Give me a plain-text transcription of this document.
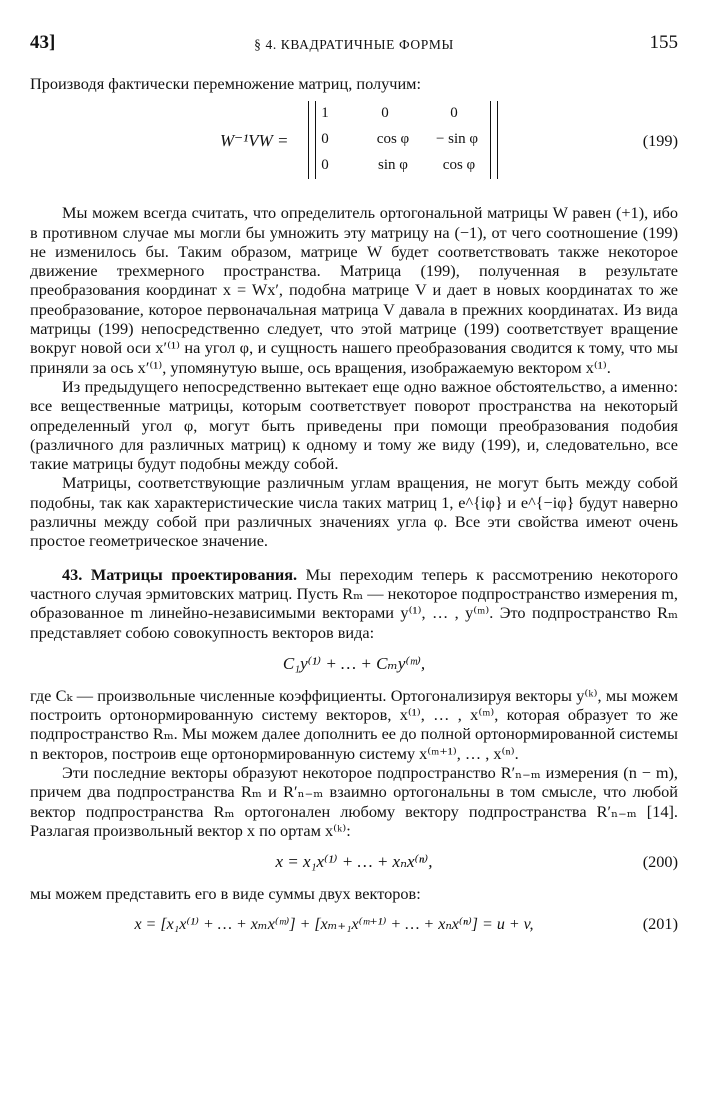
43]	§ 4. КВАДРАТИЧНЫЕ ФОРМЫ	155

Производя фактически перемножение матриц, получим:

W⁻¹VW =
1	0	0
0	cos φ	− sin φ
0	sin φ	cos φ
(199)

Мы можем всегда считать, что определитель ортогональной матрицы W равен (+1), ибо в противном случае мы могли бы умножить эту матрицу на (−1), от чего соотношение (199) не изменилось бы. Таким образом, матрице W будет соответствовать также некоторое движение трехмерного пространства. Матрица (199), полученная в результате преобразования координат x = Wx′, подобна матрице V и дает в новых координатах то же преобразование, которое первоначальная матрица V давала в прежних координатах. Из вида матрицы (199) непосредственно следует, что этой матрице (199) соответствует вращение вокруг новой оси x′⁽¹⁾ на угол φ, и сущность нашего преобразования сводится к тому, что мы приняли за ось x′⁽¹⁾, упомянутую выше, ось вращения, изображаемую вектором x⁽¹⁾.

Из предыдущего непосредственно вытекает еще одно важное обстоятельство, а именно: все вещественные матрицы, которым соответствует поворот пространства на некоторый определенный угол φ, могут быть приведены при помощи преобразования подобия (различного для различных матриц) к одному и тому же виду (199), и, следовательно, все такие матрицы будут подобны между собой.

Матрицы, соответствующие различным углам вращения, не могут быть между собой подобны, так как характеристические числа таких матриц 1, e^{iφ} и e^{−iφ} будут наверно различны между собой при различных значениях угла φ. Все эти свойства имеют очень простое геометрическое значение.

43. Матрицы проектирования. Мы переходим теперь к рассмотрению некоторого частного случая эрмитовских матриц. Пусть Rₘ — некоторое подпространство измерения m, образованное m линейно-независимыми векторами y⁽¹⁾, … , y⁽ᵐ⁾. Это подпространство Rₘ представляет собою совокупность векторов вида:

C₁y⁽¹⁾ + … + Cₘy⁽ᵐ⁾,

где Cₖ — произвольные численные коэффициенты. Ортогонализируя векторы y⁽ᵏ⁾, мы можем построить ортонормированную систему векторов, x⁽¹⁾, … , x⁽ᵐ⁾, которая образует то же подпространство Rₘ. Мы можем далее дополнить ее до полной ортонормированной системы n векторов, построив еще ортонормированную систему x⁽ᵐ⁺¹⁾, … , x⁽ⁿ⁾.

Эти последние векторы образуют некоторое подпространство R′ₙ₋ₘ измерения (n − m), причем два подпространства Rₘ и R′ₙ₋ₘ взаимно ортогональны в том смысле, что любой вектор подпространства Rₘ ортогонален любому вектору подпространства R′ₙ₋ₘ [14]. Разлагая произвольный вектор x по ортам x⁽ᵏ⁾:

x = x₁x⁽¹⁾ + … + xₙx⁽ⁿ⁾,	(200)

мы можем представить его в виде суммы двух векторов:

x = [x₁x⁽¹⁾ + … + xₘx⁽ᵐ⁾] + [xₘ₊₁x⁽ᵐ⁺¹⁾ + … + xₙx⁽ⁿ⁾] = u + v,	(201)
